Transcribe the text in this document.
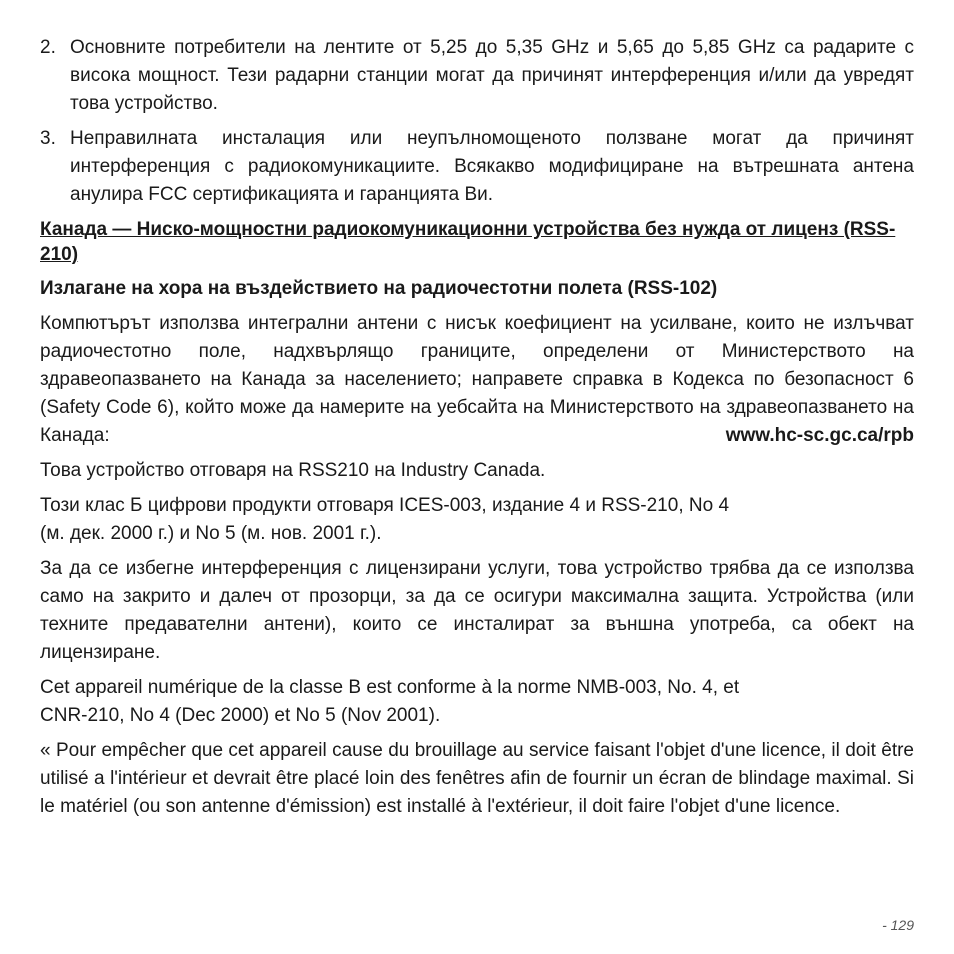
2. Основните потребители на лентите от 5,25 до 5,35 GHz и 5,65 до 5,85 GHz са радарите с висока мощност. Тези радарни станции могат да причинят интерференция и/или да увредят това устройство.
3. Неправилната инсталация или неупълномощеното ползване могат да причинят интерференция с радиокомуникациите. Всякакво модифициране на вътрешната антена анулира FCC сертификацията и гаранцията Ви.
Канада — Ниско-мощностни радиокомуникационни устройства без нужда от лиценз (RSS-210)
Излагане на хора на въздействието на радиочестотни полета (RSS-102)

Компютърът използва интегрални антени с нисък коефициент на усилване, които не излъчват радиочестотно поле, надхвърлящо границите, определени от Министерството на здравеопазването на Канада за населението; направете справка в Кодекса по безопасност 6 (Safety Code 6), който може да намерите на уебсайта на Министерството на здравеопазването на Канада:	www.hc-sc.gc.ca/rpb

Това устройство отговаря на RSS210 на Industry Canada.

Този клас Б цифрови продукти отговаря ICES-003, издание 4 и RSS-210, No 4
(м. дек. 2000 г.) и No 5 (м. нов. 2001 г.).

За да се избегне интерференция с лицензирани услуги, това устройство трябва да се използва само на закрито и далеч от прозорци, за да се осигури максимална защита. Устройства (или техните предавателни антени), които се инсталират за външна употреба, са обект на лицензиране.

Cet appareil numérique de la classe B est conforme à la norme NMB-003, No. 4, et
CNR-210, No 4 (Dec 2000) et No 5 (Nov 2001).

« Pour empêcher que cet appareil cause du brouillage au service faisant l'objet d'une licence, il doit être utilisé a l'intérieur et devrait être placé loin des fenêtres afin de fournir un écran de blindage maximal. Si le matériel (ou son antenne d'émission) est installé à l'extérieur, il doit faire l'objet d'une licence.

- 129
